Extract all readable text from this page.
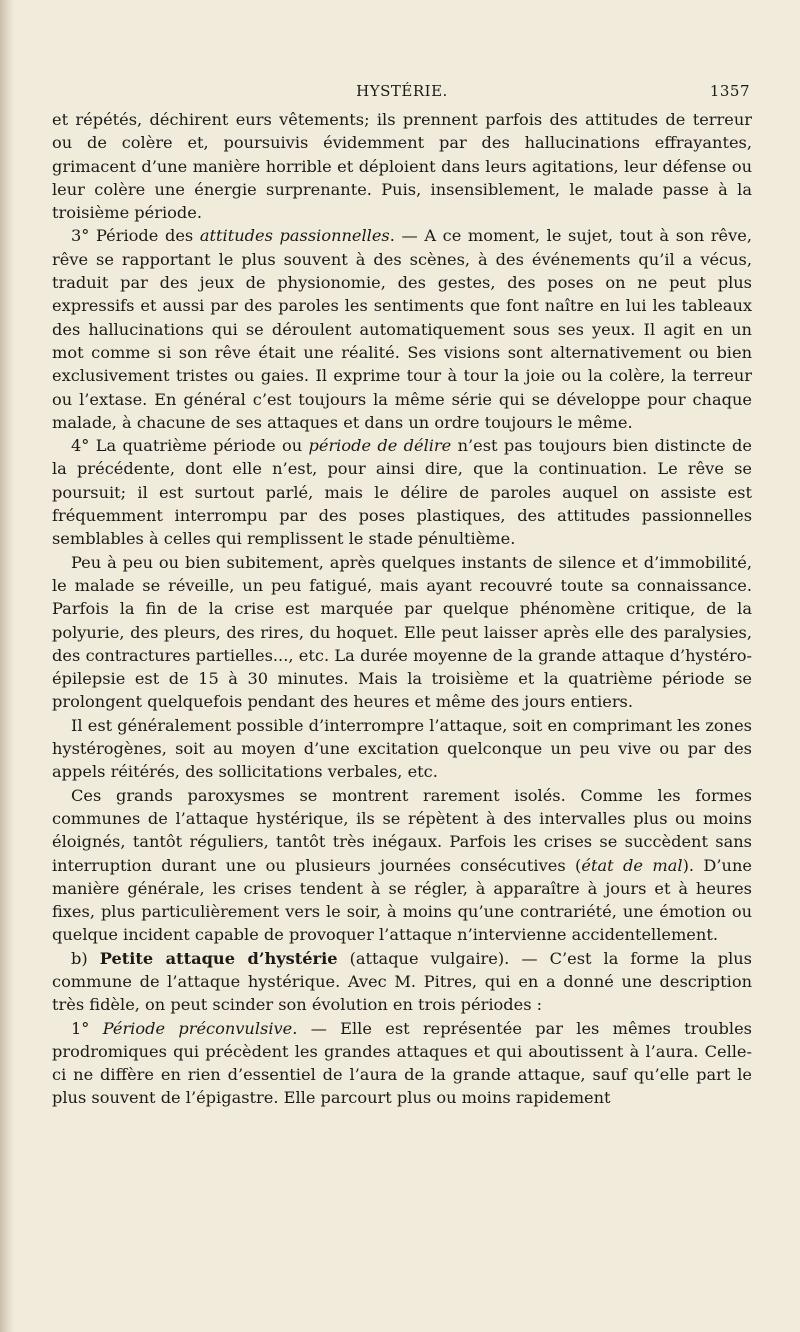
HYSTÉRIE.	1357

et répétés, déchirent eurs vêtements; ils prennent parfois des attitudes de terreur ou de colère et, poursuivis évidemment par des hallucinations effrayantes, grimacent d’une manière horrible et déploient dans leurs agitations, leur défense ou leur colère une énergie surprenante. Puis, insensiblement, le malade passe à la troisième période.

3° Période des attitudes passionnelles. — A ce moment, le sujet, tout à son rêve, rêve se rapportant le plus souvent à des scènes, à des événements qu’il a vécus, traduit par des jeux de physionomie, des gestes, des poses on ne peut plus expressifs et aussi par des paroles les sentiments que font naître en lui les tableaux des hallucinations qui se déroulent automatiquement sous ses yeux. Il agit en un mot comme si son rêve était une réalité. Ses visions sont alternativement ou bien exclusivement tristes ou gaies. Il exprime tour à tour la joie ou la colère, la terreur ou l’extase. En général c’est toujours la même série qui se développe pour chaque malade, à chacune de ses attaques et dans un ordre toujours le même.

4° La quatrième période ou période de délire n’est pas toujours bien distincte de la précédente, dont elle n’est, pour ainsi dire, que la continuation. Le rêve se poursuit; il est surtout parlé, mais le délire de paroles auquel on assiste est fréquemment interrompu par des poses plastiques, des attitudes passionnelles semblables à celles qui remplissent le stade pénultième.

Peu à peu ou bien subitement, après quelques instants de silence et d’immobilité, le malade se réveille, un peu fatigué, mais ayant recouvré toute sa connaissance. Parfois la fin de la crise est marquée par quelque phénomène critique, de la polyurie, des pleurs, des rires, du hoquet. Elle peut laisser après elle des paralysies, des contractures partielles..., etc. La durée moyenne de la grande attaque d’hystéro-épilepsie est de 15 à 30 minutes. Mais la troisième et la quatrième période se prolongent quelquefois pendant des heures et même des jours entiers.

Il est généralement possible d’interrompre l’attaque, soit en comprimant les zones hystérogènes, soit au moyen d’une excitation quelconque un peu vive ou par des appels réitérés, des sollicitations verbales, etc.

Ces grands paroxysmes se montrent rarement isolés. Comme les formes communes de l’attaque hystérique, ils se répètent à des intervalles plus ou moins éloignés, tantôt réguliers, tantôt très inégaux. Parfois les crises se succèdent sans interruption durant une ou plusieurs journées consécutives (état de mal). D’une manière générale, les crises tendent à se régler, à apparaître à jours et à heures fixes, plus particulièrement vers le soir, à moins qu’une contrariété, une émotion ou quelque incident capable de provoquer l’attaque n’intervienne accidentellement.

b) Petite attaque d’hystérie (attaque vulgaire). — C’est la forme la plus commune de l’attaque hystérique. Avec M. Pitres, qui en a donné une description très fidèle, on peut scinder son évolution en trois périodes :

1° Période préconvulsive. — Elle est représentée par les mêmes troubles prodromiques qui précèdent les grandes attaques et qui aboutissent à l’aura. Celle-ci ne diffère en rien d’essentiel de l’aura de la grande attaque, sauf qu’elle part le plus souvent de l’épigastre. Elle parcourt plus ou moins rapidement
